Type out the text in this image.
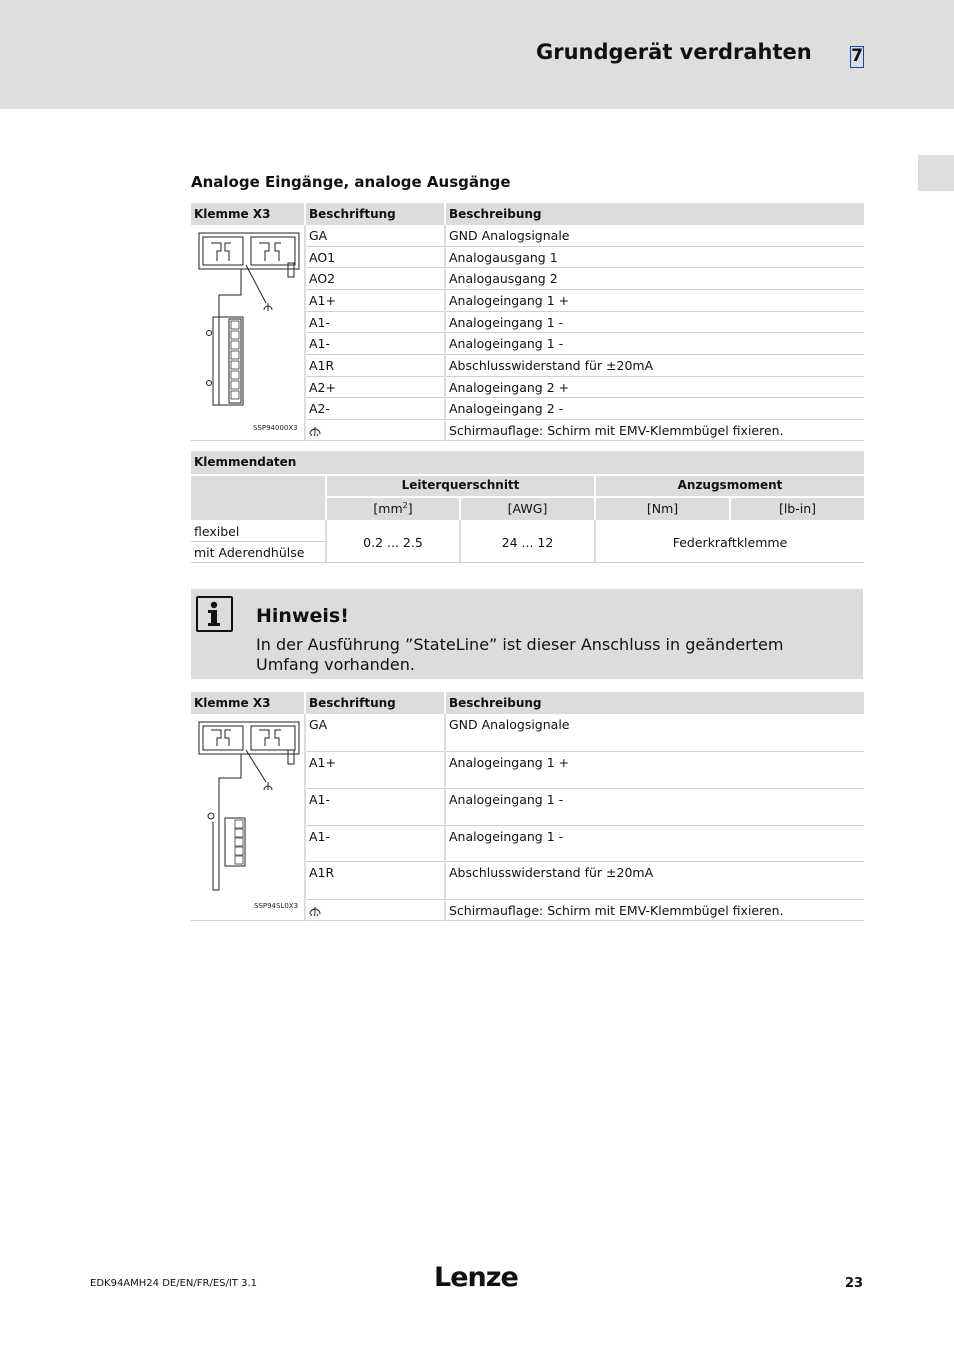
Grundgerät verdrahten 7
Analoge Eingänge, analoge Ausgänge
Klemme X3	Beschriftung	Beschreibung
SSP94000X3
GA	GND Analogsignale
AO1	Analogausgang 1
AO2	Analogausgang 2
A1+	Analogeingang 1 +
A1-	Analogeingang 1 -
A1-	Analogeingang 1 -
A1R	Abschlusswiderstand für ±20mA
A2+	Analogeingang 2 +
A2-	Analogeingang 2 -
Schirmauflage: Schirm mit EMV-Klemmbügel fixieren.
Klemmendaten
Leiterquerschnitt	Anzugsmoment
$[mm^2]$	[AWG]	[Nm]	[lb-in]
flexibel
mit Aderendhülse
0.2 ... 2.5	24 ... 12	Federkraftklemme
Hinweis!
In der Ausführung ”StateLine” ist dieser Anschluss in geändertem Umfang vorhanden.
Klemme X3	Beschriftung	Beschreibung
SSP94SL0X3
GA	GND Analogsignale
A1+	Analogeingang 1 +
A1-	Analogeingang 1 -
A1-	Analogeingang 1 -
A1R	Abschlusswiderstand für ±20mA
Schirmauflage: Schirm mit EMV-Klemmbügel fixieren.
EDK94AMH24 DE/EN/FR/ES/IT 3.1	Lenze	23
